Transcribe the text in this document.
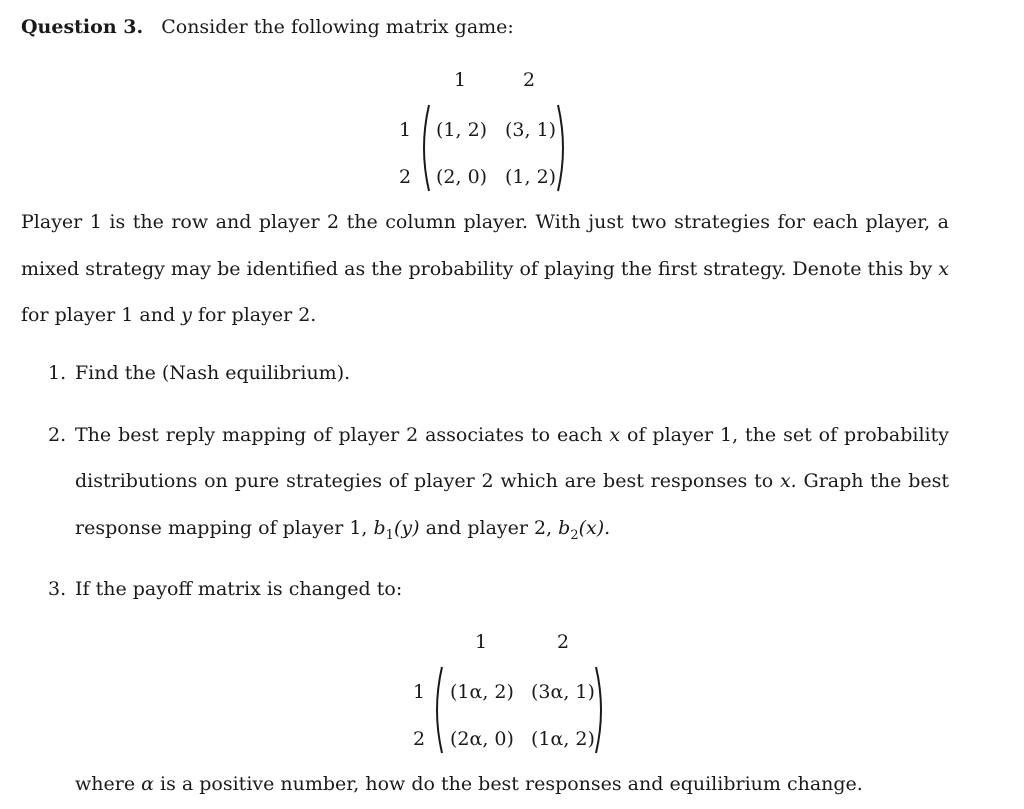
Question 3. Consider the following matrix game:
1	2
1
2
(1, 2) (3, 1)
(2, 0) (1, 2)
Player 1 is the row and player 2 the column player. With just two strategies for each player, a
mixed strategy may be identified as the probability of playing the first strategy. Denote this by x
for player 1 and y for player 2.
1. Find the (Nash equilibrium).
2. The best reply mapping of player 2 associates to each x of player 1, the set of probability
distributions on pure strategies of player 2 which are best responses to x. Graph the best
response mapping of player 1, $b_1(y)$ and player 2, $b_2(x)$.
3. If the payoff matrix is changed to:
1	2
1
2
(1α, 2) (3α, 1)
(2α, 0) (1α, 2)
where α is a positive number, how do the best responses and equilibrium change.
